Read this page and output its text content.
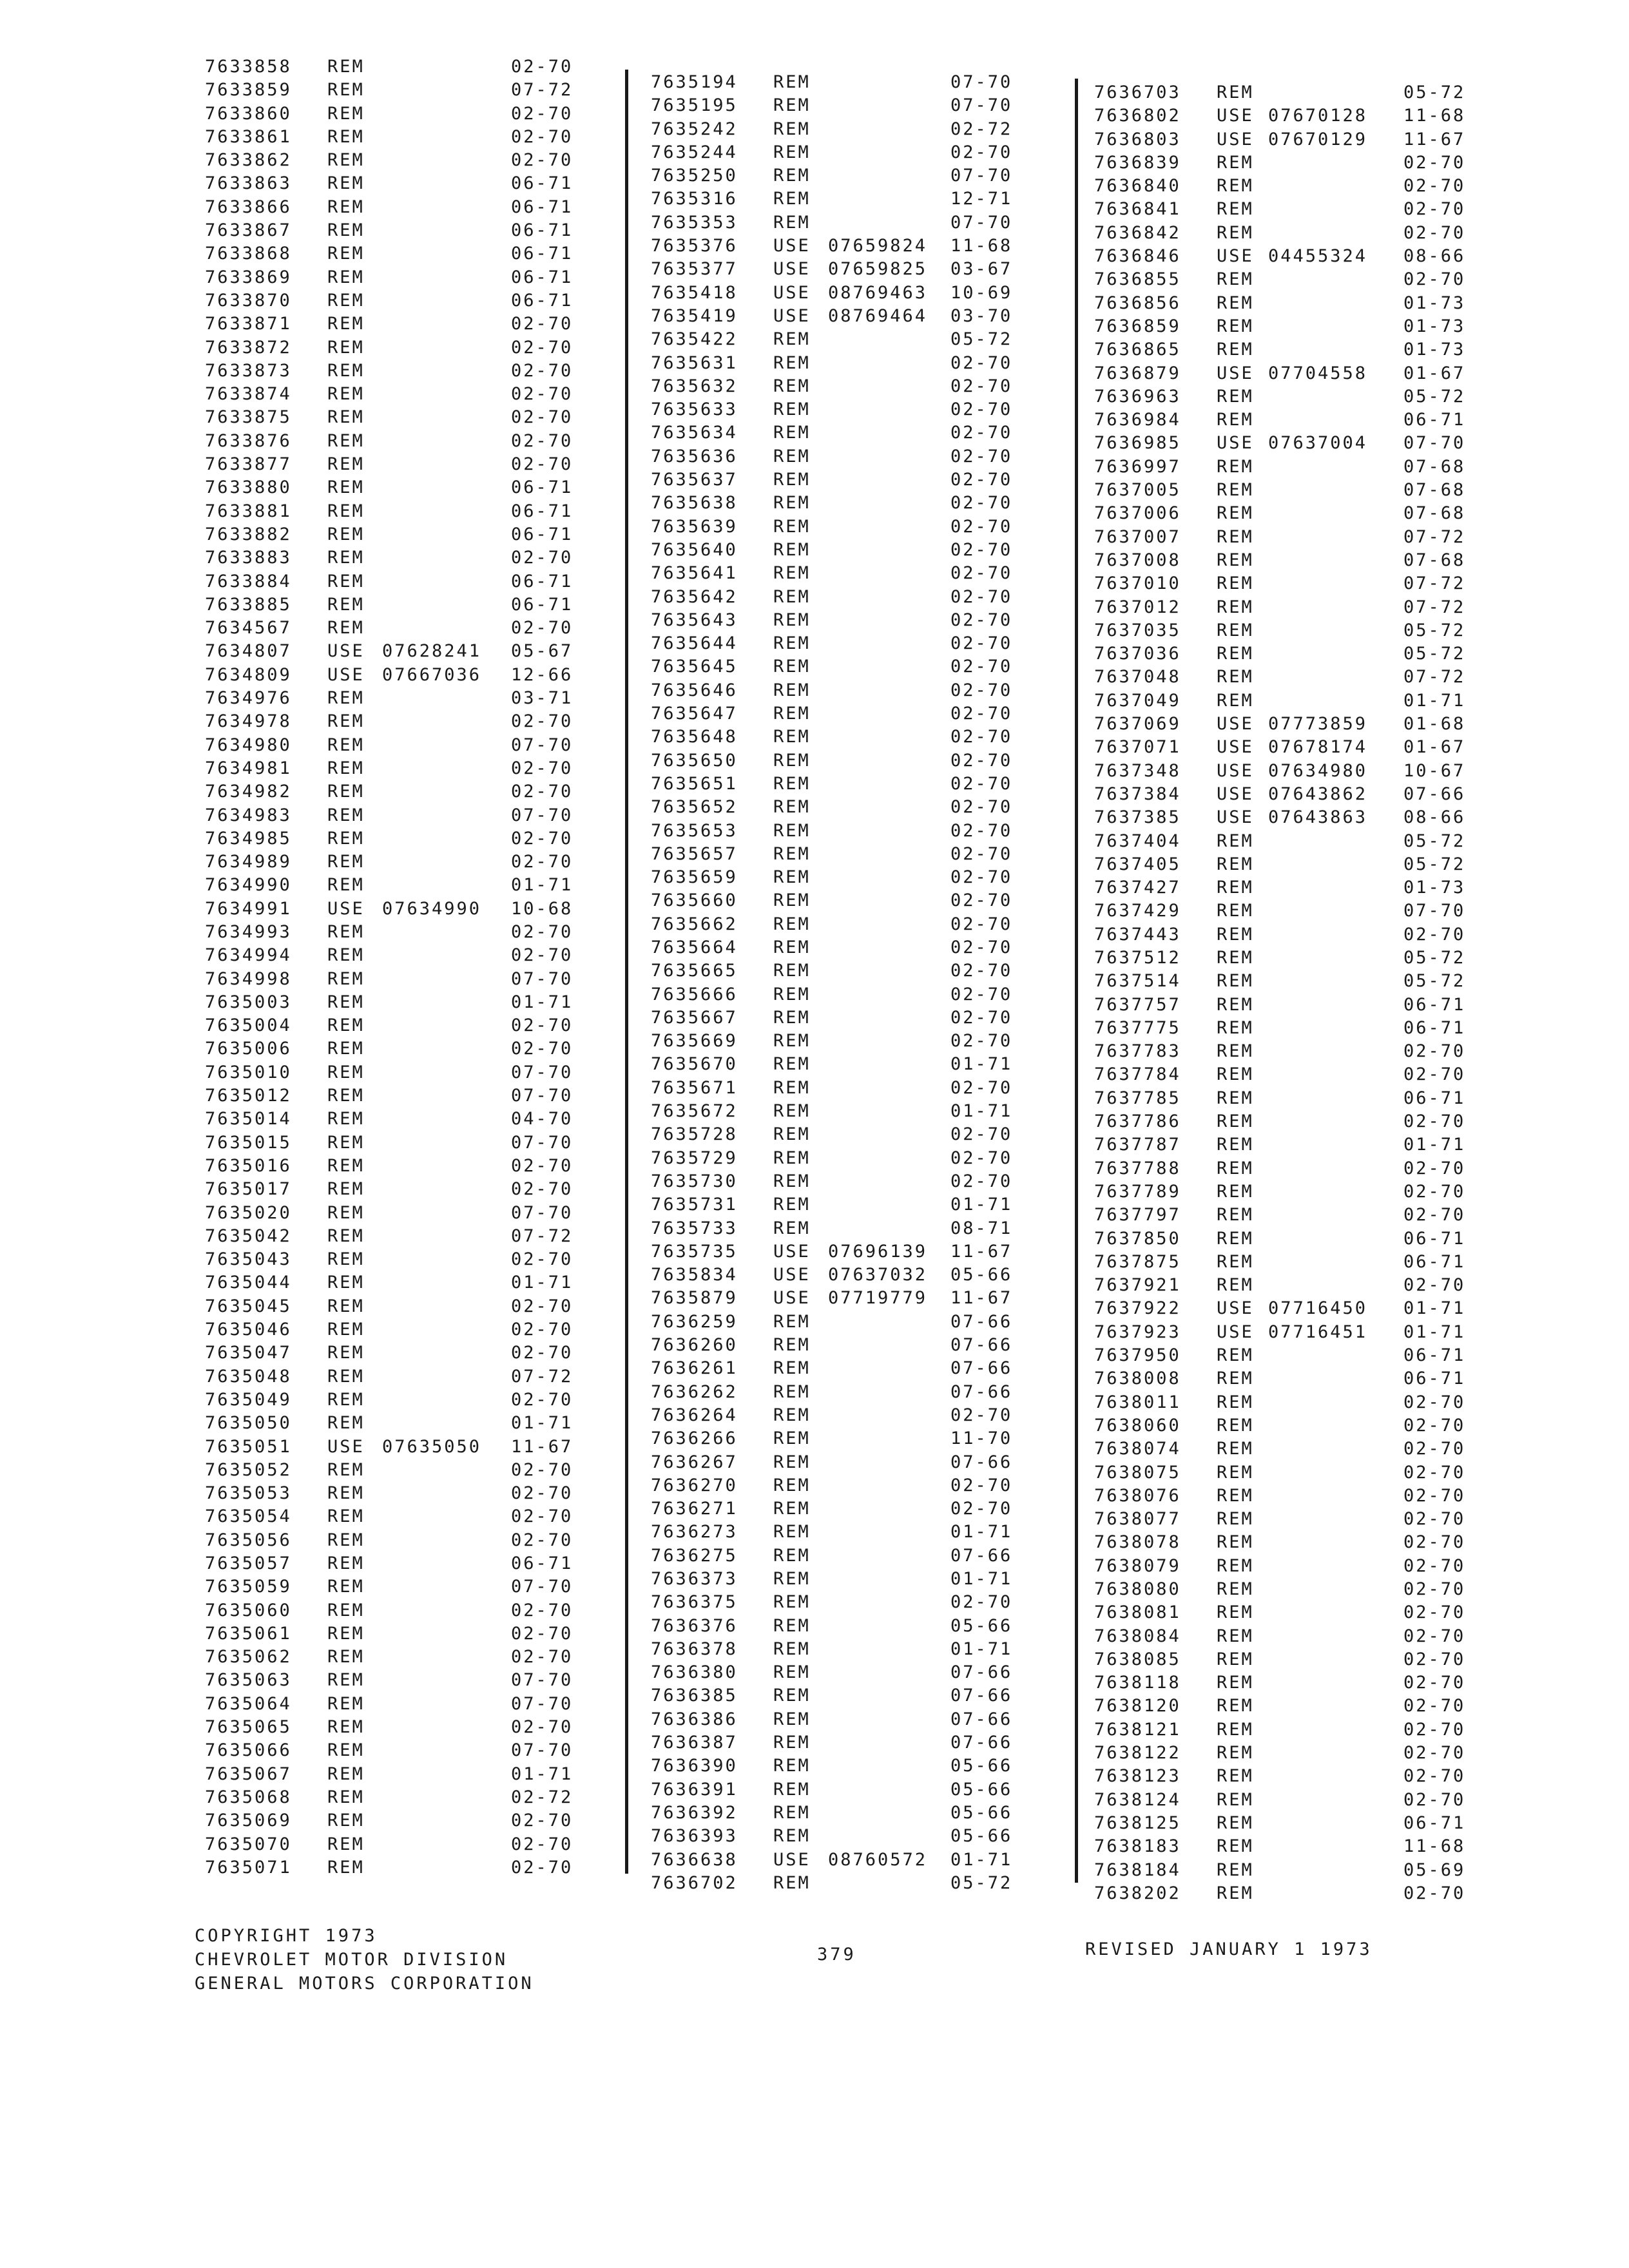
7633858 REM	02-70
7633859 REM	07-72
7633860 REM	02-70
7633861 REM	02-70
7633862 REM	02-70
7633863 REM	06-71
7633866 REM	06-71
7633867 REM	06-71
7633868 REM	06-71
7633869 REM	06-71
7633870 REM	06-71
7633871 REM	02-70
7633872 REM	02-70
7633873 REM	02-70
7633874 REM	02-70
7633875 REM	02-70
7633876 REM	02-70
7633877 REM	02-70
7633880 REM	06-71
7633881 REM	06-71
7633882 REM	06-71
7633883 REM	02-70
7633884 REM	06-71
7633885 REM	06-71
7634567 REM	02-70
7634807 USE 07628241 05-67
7634809 USE 07667036 12-66
7634976 REM	03-71
7634978 REM	02-70
7634980 REM	07-70
7634981 REM	02-70
7634982 REM	02-70
7634983 REM	07-70
7634985 REM	02-70
7634989 REM	02-70
7634990 REM	01-71
7634991 USE 07634990 10-68
7634993 REM	02-70
7634994 REM	02-70
7634998 REM	07-70
7635003 REM	01-71
7635004 REM	02-70
7635006 REM	02-70
7635010 REM	07-70
7635012 REM	07-70
7635014 REM	04-70
7635015 REM	07-70
7635016 REM	02-70
7635017 REM	02-70
7635020 REM	07-70
7635042 REM	07-72
7635043 REM	02-70
7635044 REM	01-71
7635045 REM	02-70
7635046 REM	02-70
7635047 REM	02-70
7635048 REM	07-72
7635049 REM	02-70
7635050 REM	01-71
7635051 USE 07635050 11-67
7635052 REM	02-70
7635053 REM	02-70
7635054 REM	02-70
7635056 REM	02-70
7635057 REM	06-71
7635059 REM	07-70
7635060 REM	02-70
7635061 REM	02-70
7635062 REM	02-70
7635063 REM	07-70
7635064 REM	07-70
7635065 REM	02-70
7635066 REM	07-70
7635067 REM	01-71
7635068 REM	02-72
7635069 REM	02-70
7635070 REM	02-70
7635071 REM	02-70
7635194 REM	07-70
7635195 REM	07-70
7635242 REM	02-72
7635244 REM	02-70
7635250 REM	07-70
7635316 REM	12-71
7635353 REM	07-70
7635376 USE 07659824 11-68
7635377 USE 07659825 03-67
7635418 USE 08769463 10-69
7635419 USE 08769464 03-70
7635422 REM	05-72
7635631 REM	02-70
7635632 REM	02-70
7635633 REM	02-70
7635634 REM	02-70
7635636 REM	02-70
7635637 REM	02-70
7635638 REM	02-70
7635639 REM	02-70
7635640 REM	02-70
7635641 REM	02-70
7635642 REM	02-70
7635643 REM	02-70
7635644 REM	02-70
7635645 REM	02-70
7635646 REM	02-70
7635647 REM	02-70
7635648 REM	02-70
7635650 REM	02-70
7635651 REM	02-70
7635652 REM	02-70
7635653 REM	02-70
7635657 REM	02-70
7635659 REM	02-70
7635660 REM	02-70
7635662 REM	02-70
7635664 REM	02-70
7635665 REM	02-70
7635666 REM	02-70
7635667 REM	02-70
7635669 REM	02-70
7635670 REM	01-71
7635671 REM	02-70
7635672 REM	01-71
7635728 REM	02-70
7635729 REM	02-70
7635730 REM	02-70
7635731 REM	01-71
7635733 REM	08-71
7635735 USE 07696139 11-67
7635834 USE 07637032 05-66
7635879 USE 07719779 11-67
7636259 REM	07-66
7636260 REM	07-66
7636261 REM	07-66
7636262 REM	07-66
7636264 REM	02-70
7636266 REM	11-70
7636267 REM	07-66
7636270 REM	02-70
7636271 REM	02-70
7636273 REM	01-71
7636275 REM	07-66
7636373 REM	01-71
7636375 REM	02-70
7636376 REM	05-66
7636378 REM	01-71
7636380 REM	07-66
7636385 REM	07-66
7636386 REM	07-66
7636387 REM	07-66
7636390 REM	05-66
7636391 REM	05-66
7636392 REM	05-66
7636393 REM	05-66
7636638 USE 08760572 01-71
7636702 REM	05-72
7636703 REM	05-72
7636802 USE 07670128 11-68
7636803 USE 07670129 11-67
7636839 REM	02-70
7636840 REM	02-70
7636841 REM	02-70
7636842 REM	02-70
7636846 USE 04455324 08-66
7636855 REM	02-70
7636856 REM	01-73
7636859 REM	01-73
7636865 REM	01-73
7636879 USE 07704558 01-67
7636963 REM	05-72
7636984 REM	06-71
7636985 USE 07637004 07-70
7636997 REM	07-68
7637005 REM	07-68
7637006 REM	07-68
7637007 REM	07-72
7637008 REM	07-68
7637010 REM	07-72
7637012 REM	07-72
7637035 REM	05-72
7637036 REM	05-72
7637048 REM	07-72
7637049 REM	01-71
7637069 USE 07773859 01-68
7637071 USE 07678174 01-67
7637348 USE 07634980 10-67
7637384 USE 07643862 07-66
7637385 USE 07643863 08-66
7637404 REM	05-72
7637405 REM	05-72
7637427 REM	01-73
7637429 REM	07-70
7637443 REM	02-70
7637512 REM	05-72
7637514 REM	05-72
7637757 REM	06-71
7637775 REM	06-71
7637783 REM	02-70
7637784 REM	02-70
7637785 REM	06-71
7637786 REM	02-70
7637787 REM	01-71
7637788 REM	02-70
7637789 REM	02-70
7637797 REM	02-70
7637850 REM	06-71
7637875 REM	06-71
7637921 REM	02-70
7637922 USE 07716450 01-71
7637923 USE 07716451 01-71
7637950 REM	06-71
7638008 REM	06-71
7638011 REM	02-70
7638060 REM	02-70
7638074 REM	02-70
7638075 REM	02-70
7638076 REM	02-70
7638077 REM	02-70
7638078 REM	02-70
7638079 REM	02-70
7638080 REM	02-70
7638081 REM	02-70
7638084 REM	02-70
7638085 REM	02-70
7638118 REM	02-70
7638120 REM	02-70
7638121 REM	02-70
7638122 REM	02-70
7638123 REM	02-70
7638124 REM	02-70
7638125 REM	06-71
7638183 REM	11-68
7638184 REM	05-69
7638202 REM	02-70
COPYRIGHT 1973
CHEVROLET MOTOR DIVISION
GENERAL MOTORS CORPORATION
379	REVISED JANUARY 1 1973
